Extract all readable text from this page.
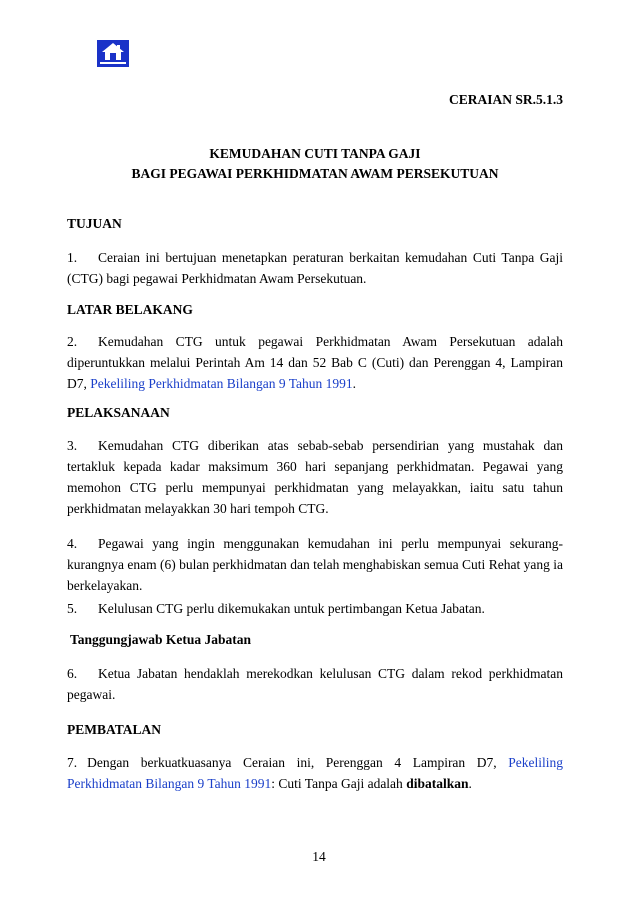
CERAIAN SR.5.1.3
KEMUDAHAN CUTI TANPA GAJI
BAGI PEGAWAI PERKHIDMATAN AWAM PERSEKUTUAN
TUJUAN

1. Ceraian ini bertujuan menetapkan peraturan berkaitan kemudahan Cuti Tanpa Gaji (CTG) bagi pegawai Perkhidmatan Awam Persekutuan.

LATAR BELAKANG

2. Kemudahan CTG untuk pegawai Perkhidmatan Awam Persekutuan adalah diperuntukkan melalui Perintah Am 14 dan 52 Bab C (Cuti) dan Perenggan 4, Lampiran D7, Pekeliling Perkhidmatan Bilangan 9 Tahun 1991.

PELAKSANAAN

3. Kemudahan CTG diberikan atas sebab-sebab persendirian yang mustahak dan tertakluk kepada kadar maksimum 360 hari sepanjang perkhidmatan. Pegawai yang memohon CTG perlu mempunyai perkhidmatan yang melayakkan, iaitu satu tahun perkhidmatan melayakkan 30 hari tempoh CTG.

4. Pegawai yang ingin menggunakan kemudahan ini perlu mempunyai sekurang-kurangnya enam (6) bulan perkhidmatan dan telah menghabiskan semua Cuti Rehat yang ia berkelayakan.

5. Kelulusan CTG perlu dikemukakan untuk pertimbangan Ketua Jabatan.

Tanggungjawab Ketua Jabatan

6. Ketua Jabatan hendaklah merekodkan kelulusan CTG dalam rekod perkhidmatan pegawai.

PEMBATALAN

7. Dengan berkuatkuasanya Ceraian ini, Perenggan 4 Lampiran D7, Pekeliling Perkhidmatan Bilangan 9 Tahun 1991: Cuti Tanpa Gaji adalah dibatalkan.

14
